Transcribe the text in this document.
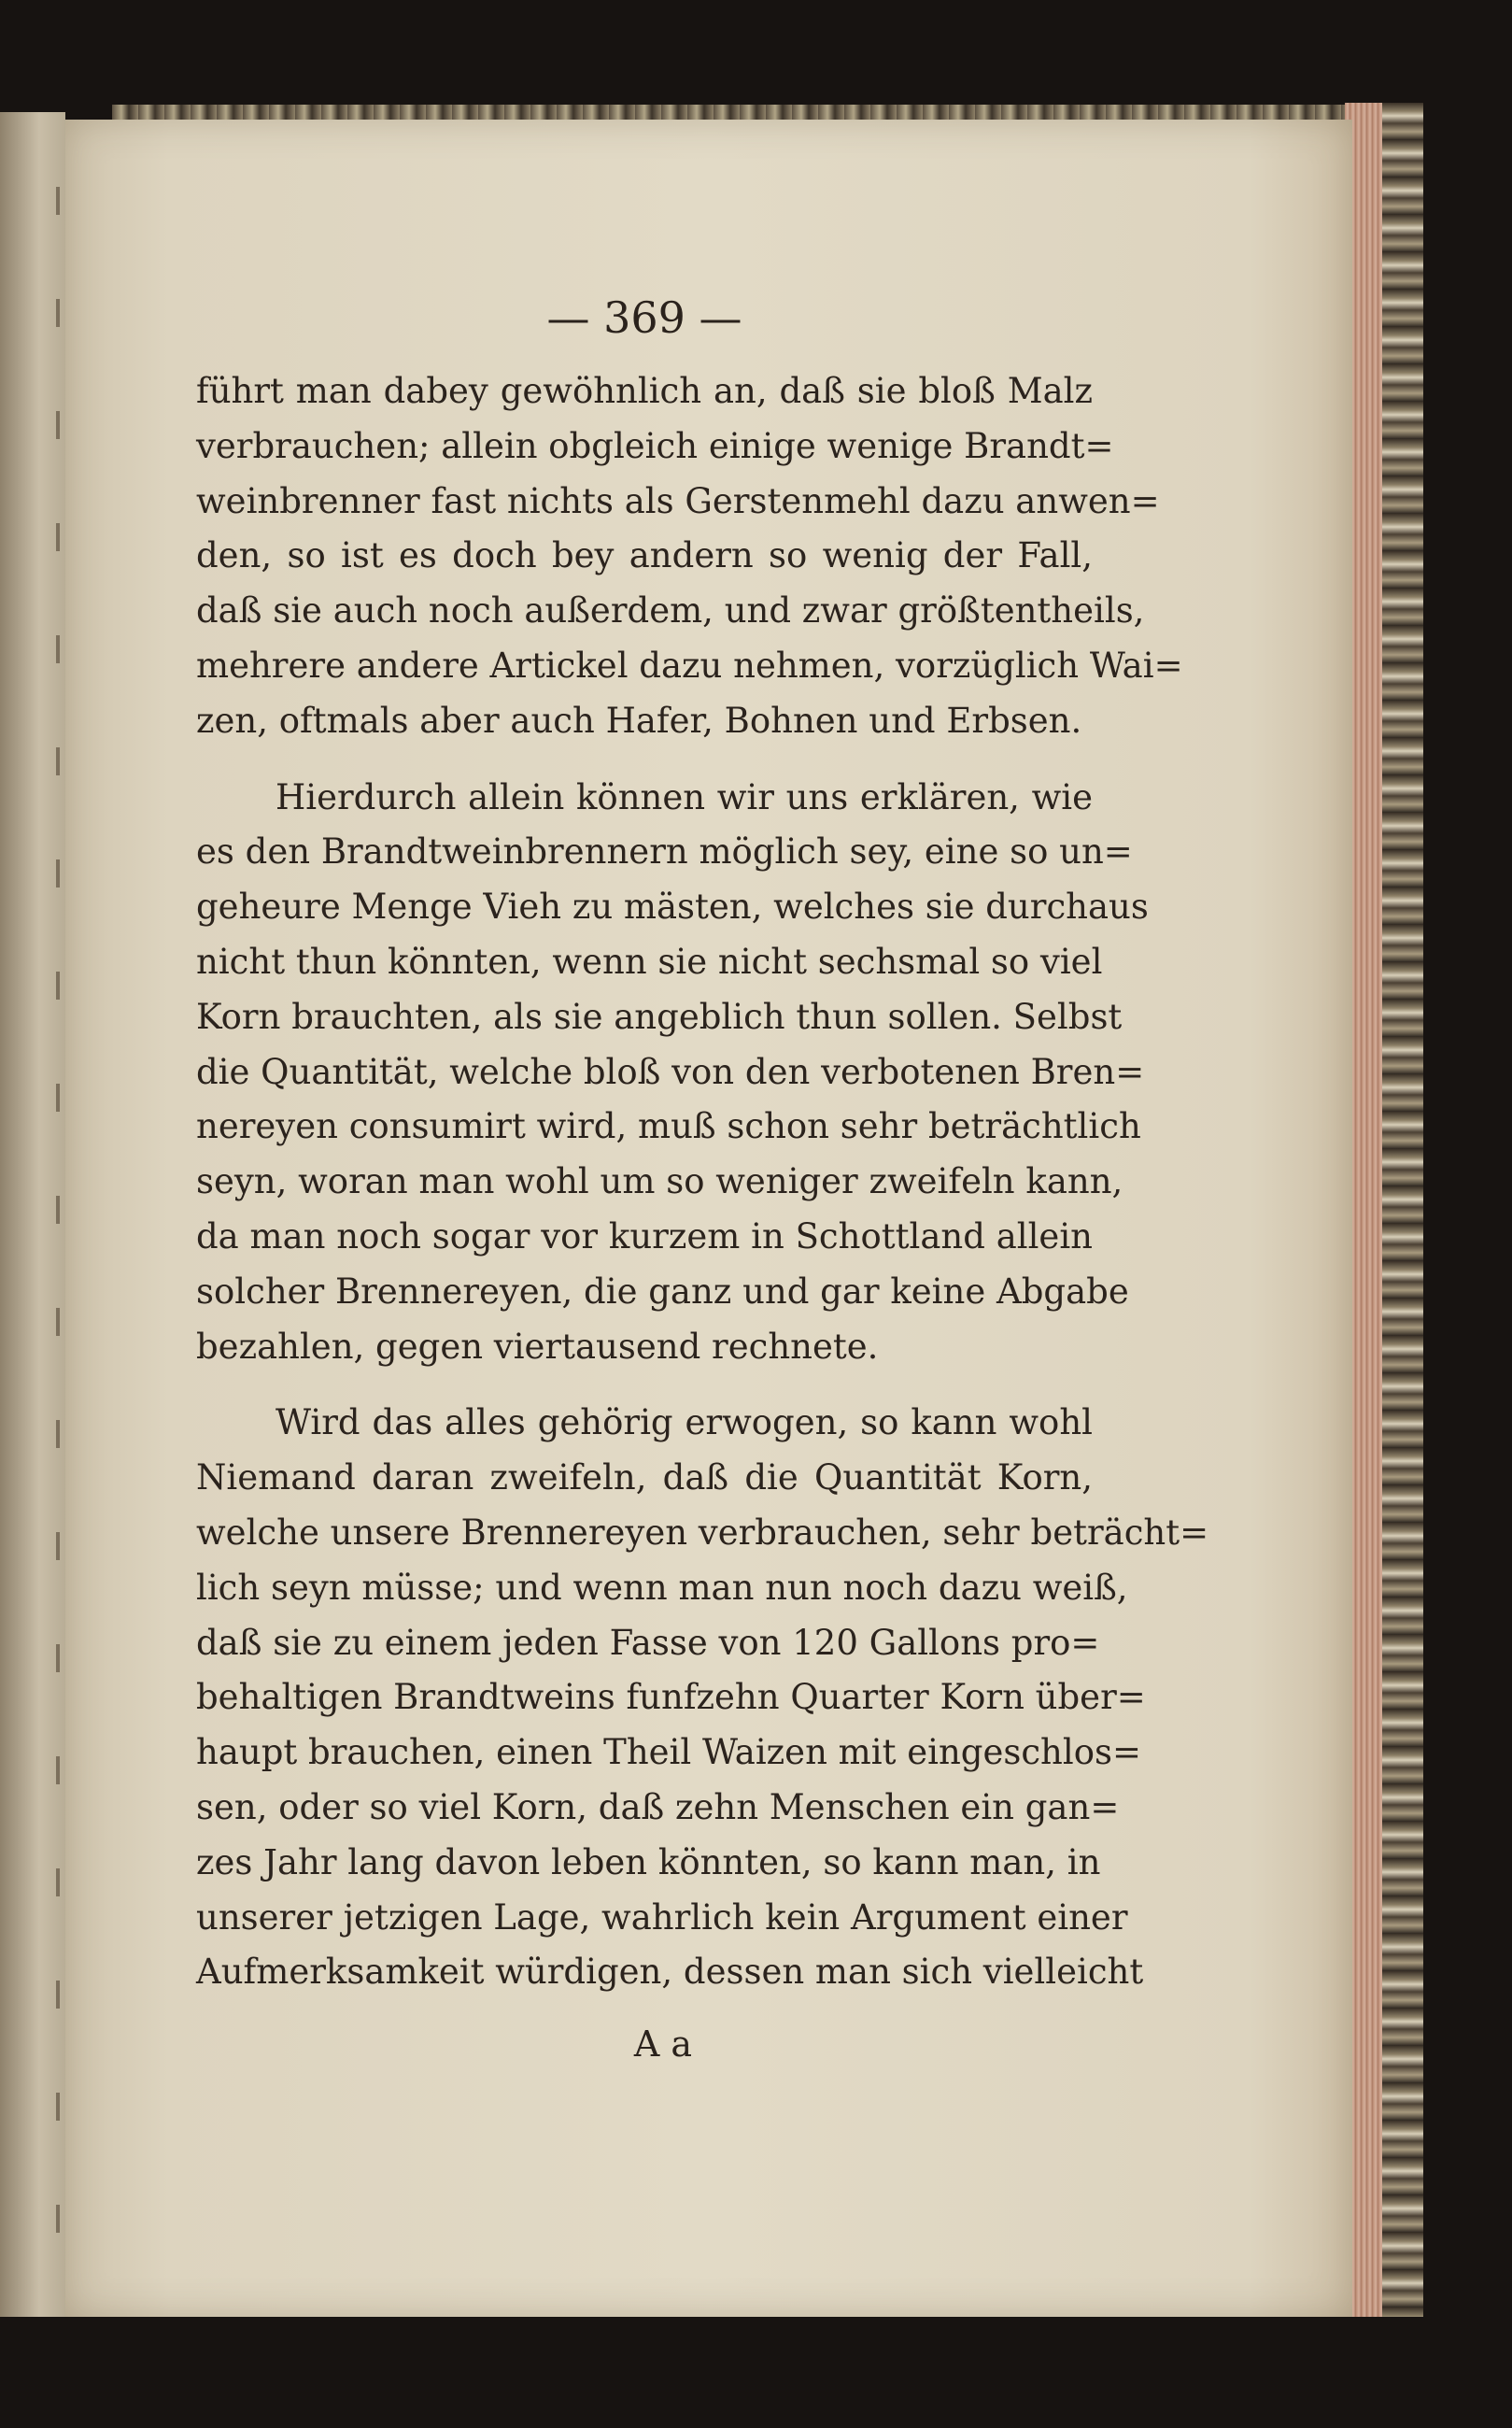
— 369 —
führt man dabey gewöhnlich an, daß sie bloß Malz
verbrauchen; allein obgleich einige wenige Brandt=
weinbrenner fast nichts als Gerstenmehl dazu anwen=
den, so ist es doch bey andern so wenig der Fall,
daß sie auch noch außerdem, und zwar größtentheils,
mehrere andere Artickel dazu nehmen, vorzüglich Wai=
zen, oftmals aber auch Hafer, Bohnen und Erbsen.
Hierdurch allein können wir uns erklären, wie
es den Brandtweinbrennern möglich sey, eine so un=
geheure Menge Vieh zu mästen, welches sie durchaus
nicht thun könnten, wenn sie nicht sechsmal so viel
Korn brauchten, als sie angeblich thun sollen. Selbst
die Quantität, welche bloß von den verbotenen Bren=
nereyen consumirt wird, muß schon sehr beträchtlich
seyn, woran man wohl um so weniger zweifeln kann,
da man noch sogar vor kurzem in Schottland allein
solcher Brennereyen, die ganz und gar keine Abgabe
bezahlen, gegen viertausend rechnete.
Wird das alles gehörig erwogen, so kann wohl
Niemand daran zweifeln, daß die Quantität Korn,
welche unsere Brennereyen verbrauchen, sehr beträcht=
lich seyn müsse; und wenn man nun noch dazu weiß,
daß sie zu einem jeden Fasse von 120 Gallons pro=
behaltigen Brandtweins funfzehn Quarter Korn über=
haupt brauchen, einen Theil Waizen mit eingeschlos=
sen, oder so viel Korn, daß zehn Menschen ein gan=
zes Jahr lang davon leben könnten, so kann man, in
unserer jetzigen Lage, wahrlich kein Argument einer
Aufmerksamkeit würdigen, dessen man sich vielleicht
A a
